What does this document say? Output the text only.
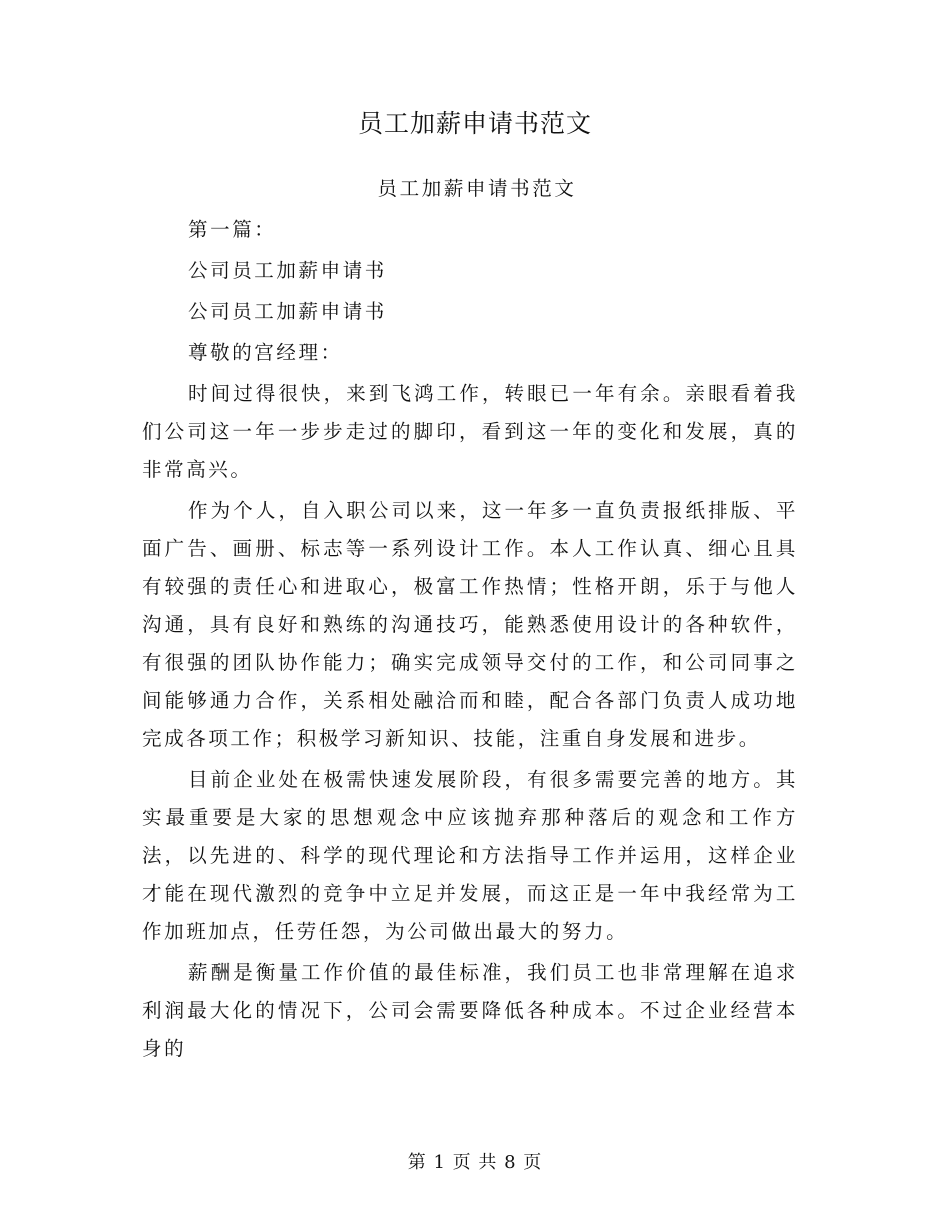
员工加薪申请书范文

员工加薪申请书范文

第一篇：

公司员工加薪申请书

公司员工加薪申请书

尊敬的宫经理：

时间过得很快，来到飞鸿工作，转眼已一年有余。亲眼看着我们公司这一年一步步走过的脚印，看到这一年的变化和发展，真的非常高兴。

作为个人，自入职公司以来，这一年多一直负责报纸排版、平面广告、画册、标志等一系列设计工作。本人工作认真、细心且具有较强的责任心和进取心，极富工作热情；性格开朗，乐于与他人沟通，具有良好和熟练的沟通技巧，能熟悉使用设计的各种软件，有很强的团队协作能力；确实完成领导交付的工作，和公司同事之间能够通力合作，关系相处融洽而和睦，配合各部门负责人成功地完成各项工作；积极学习新知识、技能，注重自身发展和进步。

目前企业处在极需快速发展阶段，有很多需要完善的地方。其实最重要是大家的思想观念中应该抛弃那种落后的观念和工作方法，以先进的、科学的现代理论和方法指导工作并运用，这样企业才能在现代激烈的竞争中立足并发展，而这正是一年中我经常为工作加班加点，任劳任怨，为公司做出最大的努力。

薪酬是衡量工作价值的最佳标准，我们员工也非常理解在追求利润最大化的情况下，公司会需要降低各种成本。不过企业经营本身的

第 1 页 共 8 页
